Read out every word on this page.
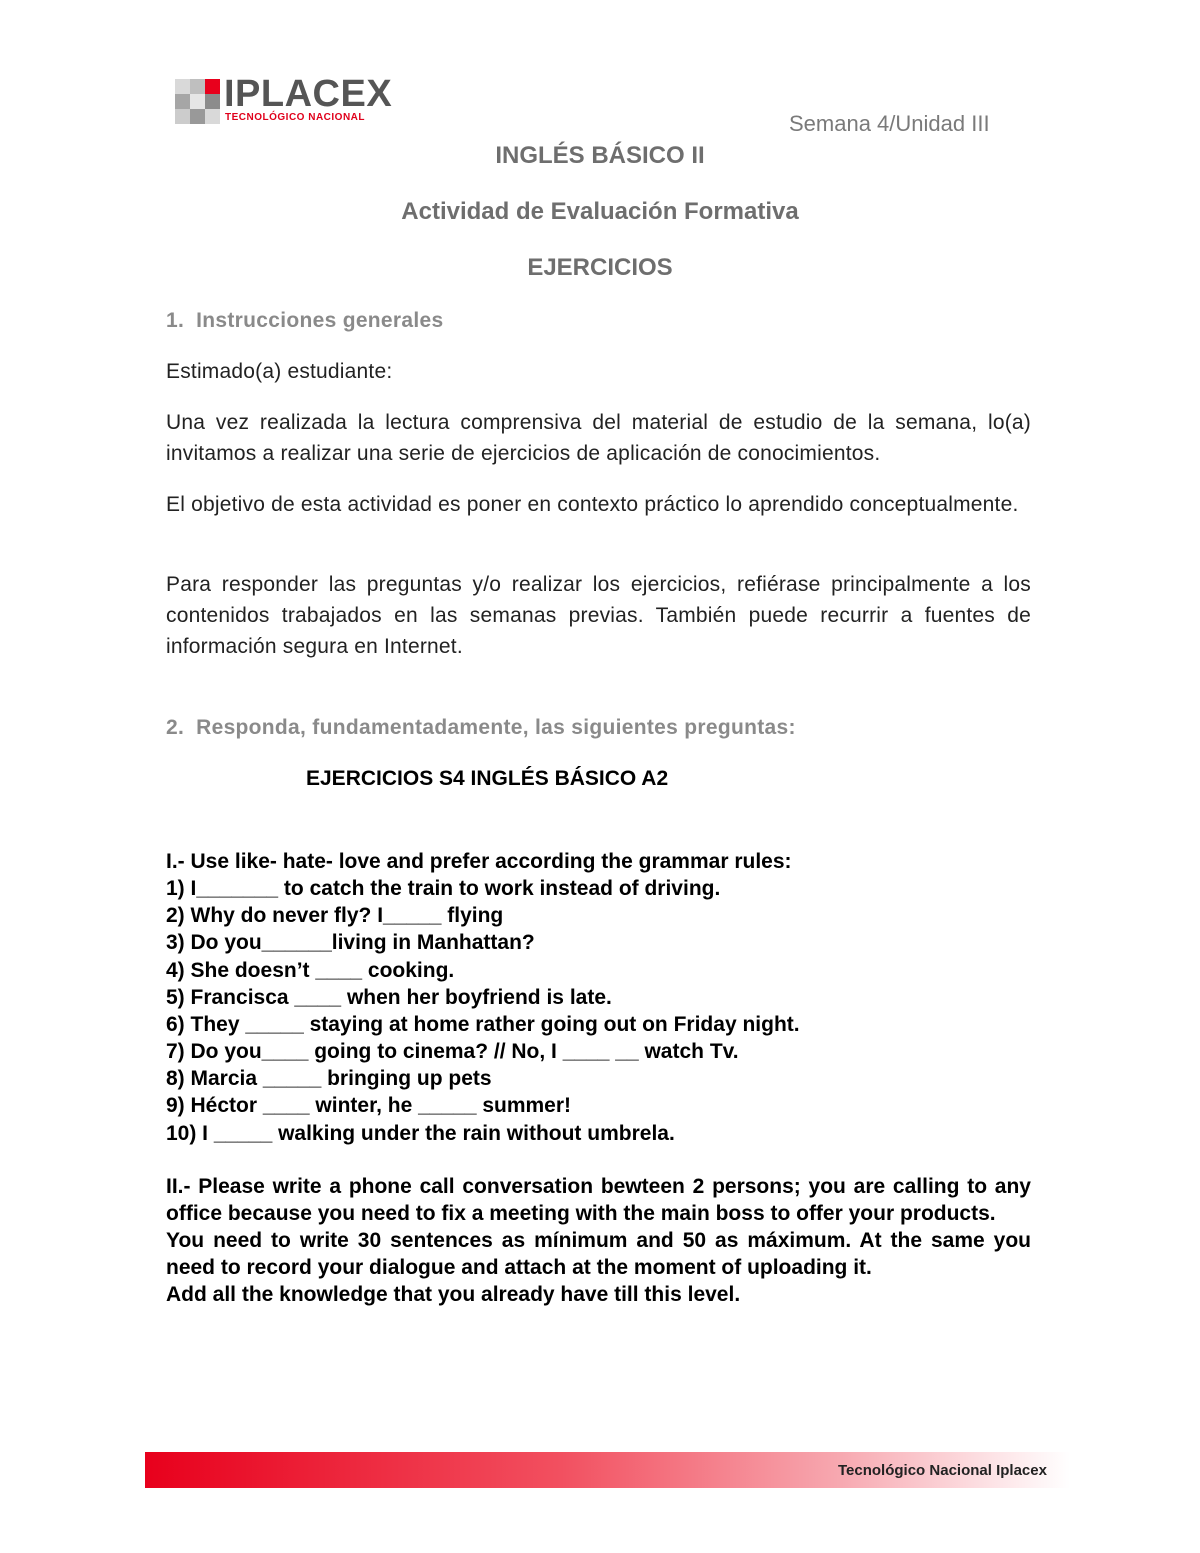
IPLACEX
TECNOLÓGICO NACIONAL	Semana 4/Unidad III
INGLÉS BÁSICO II
Actividad de Evaluación Formativa
EJERCICIOS
1. Instrucciones generales
Estimado(a) estudiante:
Una vez realizada la lectura comprensiva del material de estudio de la semana, lo(a) invitamos a realizar una serie de ejercicios de aplicación de conocimientos.
El objetivo de esta actividad es poner en contexto práctico lo aprendido conceptualmente.
Para responder las preguntas y/o realizar los ejercicios, refiérase principalmente a los contenidos trabajados en las semanas previas. También puede recurrir a fuentes de información segura en Internet.
2. Responda, fundamentadamente, las siguientes preguntas:
EJERCICIOS S4 INGLÉS BÁSICO A2
I.- Use like- hate- love and prefer according the grammar rules:
1) I_______ to catch the train to work instead of driving.
2) Why do never fly? I_____ flying
3) Do you______living in Manhattan?
4) She doesn’t ____ cooking.
5) Francisca ____ when her boyfriend is late.
6) They _____ staying at home rather going out on Friday night.
7) Do you____ going to cinema? // No, I ____ __ watch Tv.
8) Marcia _____ bringing up pets
9) Héctor ____ winter, he _____ summer!
10) I _____ walking under the rain without umbrela.
II.- Please write a phone call conversation bewteen 2 persons; you are calling to any office because you need to fix a meeting with the main boss to offer your products.
You need to write 30 sentences as mínimum and 50 as máximum. At the same you need to record your dialogue and attach at the moment of uploading it.
Add all the knowledge that you already have till this level.
Tecnológico Nacional Iplacex
